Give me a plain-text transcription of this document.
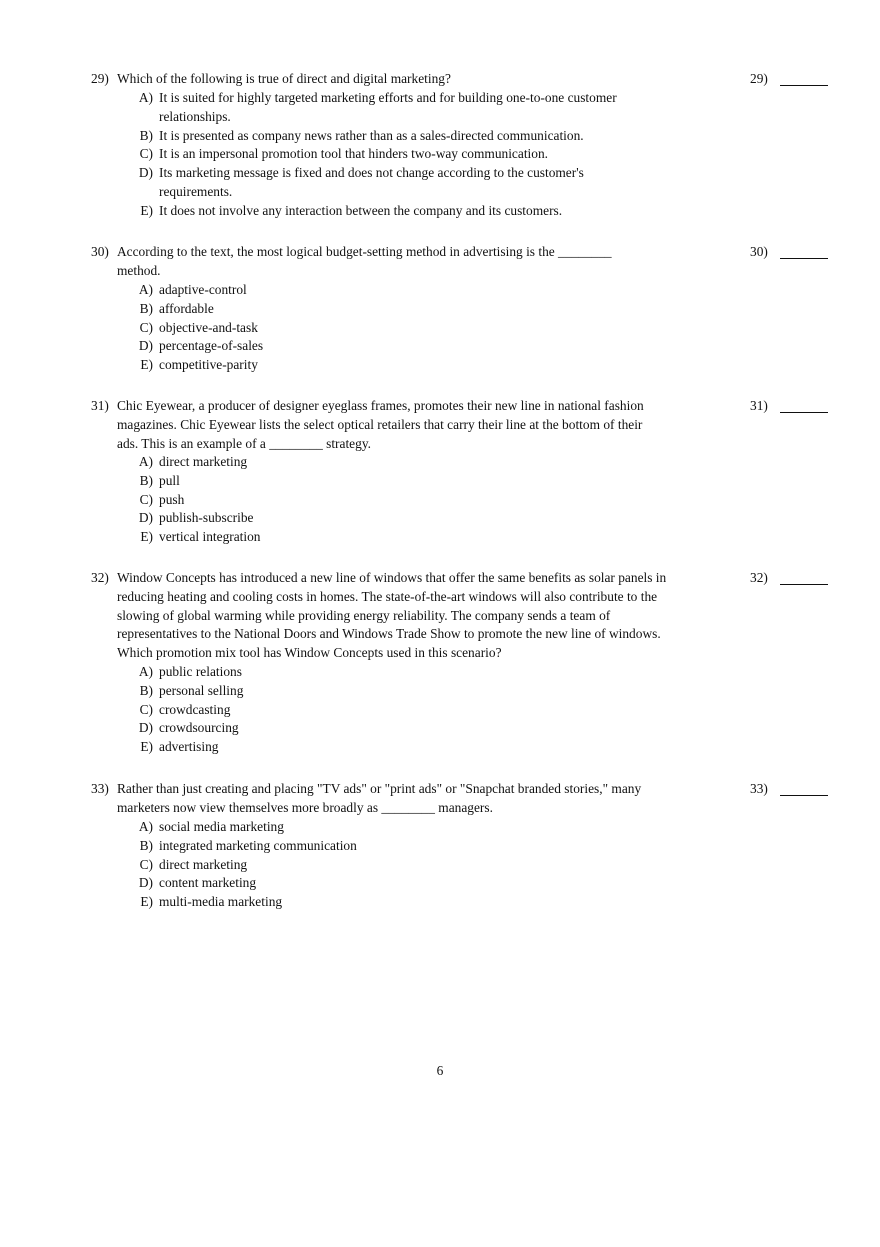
29) Which of the following is true of direct and digital marketing?	29)
A) It is suited for highly targeted marketing efforts and for building one-to-one customer relationships.
B) It is presented as company news rather than as a sales-directed communication.
C) It is an impersonal promotion tool that hinders two-way communication.
D) Its marketing message is fixed and does not change according to the customer's requirements.
E) It does not involve any interaction between the company and its customers.
30) According to the text, the most logical budget-setting method in advertising is the ________ method.
30)
A) adaptive-control
B) affordable
C) objective-and-task
D) percentage-of-sales
E) competitive-parity
31) Chic Eyewear, a producer of designer eyeglass frames, promotes their new line in national fashion magazines. Chic Eyewear lists the select optical retailers that carry their line at the bottom of their ads. This is an example of a ________ strategy.
31)
A) direct marketing
B) pull
C) push
D) publish-subscribe
E) vertical integration
32) Window Concepts has introduced a new line of windows that offer the same benefits as solar panels in reducing heating and cooling costs in homes. The state-of-the-art windows will also contribute to the slowing of global warming while providing energy reliability. The company sends a team of representatives to the National Doors and Windows Trade Show to promote the new line of windows. Which promotion mix tool has Window Concepts used in this scenario?
32)
A) public relations
B) personal selling
C) crowdcasting
D) crowdsourcing
E) advertising
33) Rather than just creating and placing "TV ads" or "print ads" or "Snapchat branded stories," many marketers now view themselves more broadly as ________ managers.
33)
A) social media marketing
B) integrated marketing communication
C) direct marketing
D) content marketing
E) multi-media marketing
6
